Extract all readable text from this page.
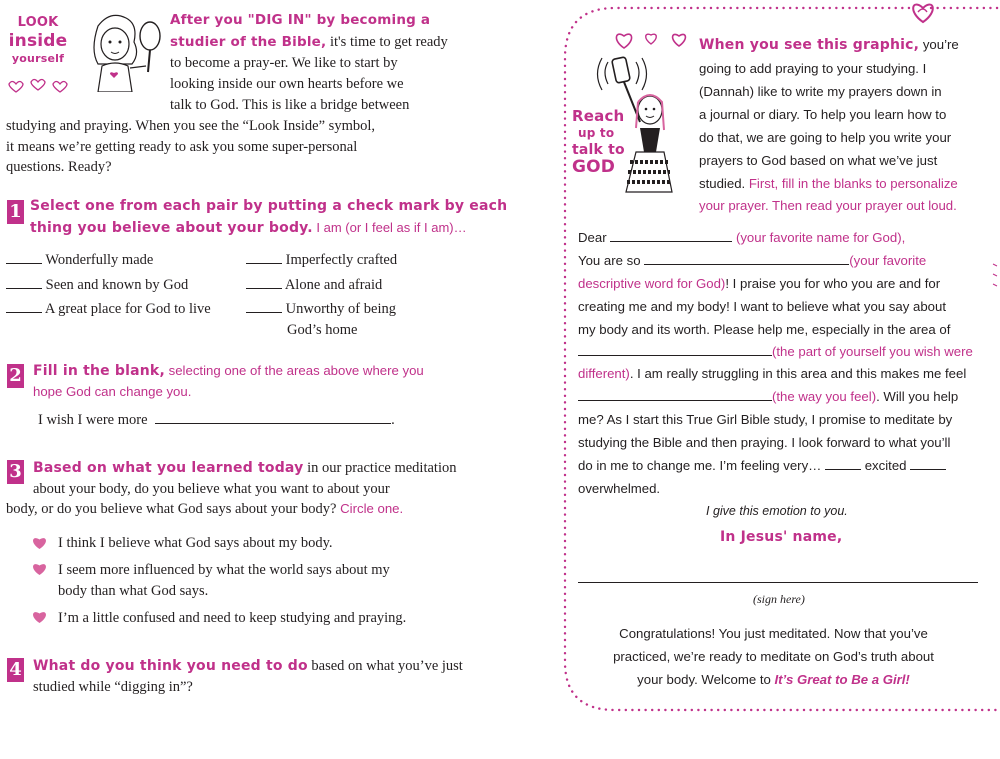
LOOK
inside
yourself
After you "DIG IN" by becoming a
studier of the Bible, it's time to get ready
to become a pray-er. We like to start by
looking inside our own hearts before we
talk to God. This is like a bridge between
studying and praying. When you see the “Look Inside” symbol,
it means we’re getting ready to ask you some super-personal
questions. Ready?
1 Select one from each pair by putting a check mark by each
thing you believe about your body. I am (or I feel as if I am)…
Wonderfully made	Imperfectly crafted
Seen and known by God	Alone and afraid
A great place for God to live	Unworthy of being
God’s home
2 Fill in the blank, selecting one of the areas above where you
hope God can change you.
I wish I were more	.
3 Based on what you learned today in our practice meditation
about your body, do you believe what you want to about your
body, or do you believe what God says about your body? Circle one.
I think I believe what God says about my body.
I seem more influenced by what the world says about my
body than what God says.
I’m a little confused and need to keep studying and praying.
4 What do you think you need to do based on what you’ve just
studied while “digging in”?
Reach
up to
talk to
GOD
When you see this graphic, you’re
going to add praying to your studying. I
(Dannah) like to write my prayers down in
a journal or diary. To help you learn how to
do that, we are going to help you write your
prayers to God based on what we’ve just
studied. First, fill in the blanks to personalize
your prayer. Then read your prayer out loud.
Dear	(your favorite name for God),
You are so	(your favorite
descriptive word for God)! I praise you for who you are and for
creating me and my body! I want to believe what you say about
my body and its worth. Please help me, especially in the area of
(the part of yourself you wish were
different). I am really struggling in this area and this makes me feel
(the way you feel). Will you help
me? As I start this True Girl Bible study, I promise to meditate by
studying the Bible and then praying. I look forward to what you’ll
do in me to change me. I’m feeling very…	excited
overwhelmed.
I give this emotion to you.
In Jesus' name,
(sign here)
Congratulations! You just meditated. Now that you’ve
practiced, we’re ready to meditate on God’s truth about
your body. Welcome to It’s Great to Be a Girl!
